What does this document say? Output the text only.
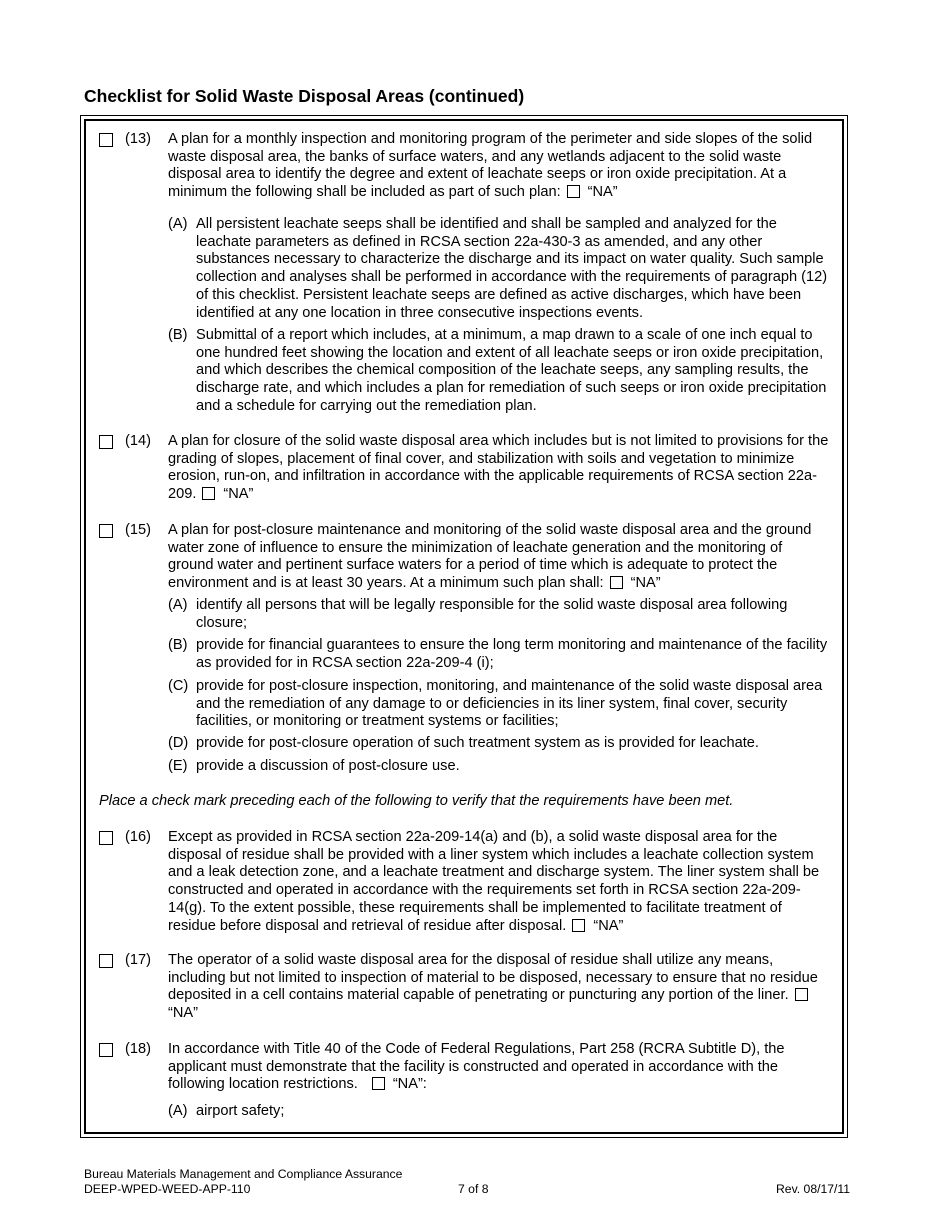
Checklist for Solid Waste Disposal Areas (continued)
(13) A plan for a monthly inspection and monitoring program of the perimeter and side slopes of the solid waste disposal area, the banks of surface waters, and any wetlands adjacent to the solid waste disposal area to identify the degree and extent of leachate seeps or iron oxide precipitation. At a minimum the following shall be included as part of such plan: “NA”
(A) All persistent leachate seeps shall be identified and shall be sampled and analyzed for the leachate parameters as defined in RCSA section 22a-430-3 as amended, and any other substances necessary to characterize the discharge and its impact on water quality. Such sample collection and analyses shall be performed in accordance with the requirements of paragraph (12) of this checklist. Persistent leachate seeps are defined as active discharges, which have been identified at any one location in three consecutive inspections events.
(B) Submittal of a report which includes, at a minimum, a map drawn to a scale of one inch equal to one hundred feet showing the location and extent of all leachate seeps or iron oxide precipitation, and which describes the chemical composition of the leachate seeps, any sampling results, the discharge rate, and which includes a plan for remediation of such seeps or iron oxide precipitation and a schedule for carrying out the remediation plan.
(14) A plan for closure of the solid waste disposal area which includes but is not limited to provisions for the grading of slopes, placement of final cover, and stabilization with soils and vegetation to minimize erosion, run-on, and infiltration in accordance with the applicable requirements of RCSA section 22a-209. “NA”
(15) A plan for post-closure maintenance and monitoring of the solid waste disposal area and the ground water zone of influence to ensure the minimization of leachate generation and the monitoring of ground water and pertinent surface waters for a period of time which is adequate to protect the environment and is at least 30 years. At a minimum such plan shall: “NA”
(A) identify all persons that will be legally responsible for the solid waste disposal area following closure;
(B) provide for financial guarantees to ensure the long term monitoring and maintenance of the facility as provided for in RCSA section 22a-209-4 (i);
(C) provide for post-closure inspection, monitoring, and maintenance of the solid waste disposal area and the remediation of any damage to or deficiencies in its liner system, final cover, security facilities, or monitoring or treatment systems or facilities;
(D) provide for post-closure operation of such treatment system as is provided for leachate.
(E) provide a discussion of post-closure use.
Place a check mark preceding each of the following to verify that the requirements have been met.
(16) Except as provided in RCSA section 22a-209-14(a) and (b), a solid waste disposal area for the disposal of residue shall be provided with a liner system which includes a leachate collection system and a leak detection zone, and a leachate treatment and discharge system. The liner system shall be constructed and operated in accordance with the requirements set forth in RCSA section 22a-209-14(g). To the extent possible, these requirements shall be implemented to facilitate treatment of residue before disposal and retrieval of residue after disposal. “NA”
(17) The operator of a solid waste disposal area for the disposal of residue shall utilize any means, including but not limited to inspection of material to be disposed, necessary to ensure that no residue deposited in a cell contains material capable of penetrating or puncturing any portion of the liner.“NA”
(18) In accordance with Title 40 of the Code of Federal Regulations, Part 258 (RCRA Subtitle D), the applicant must demonstrate that the facility is constructed and operated in accordance with the following location restrictions. “NA”:
(A) airport safety;
Bureau Materials Management and Compliance Assurance
DEEP-WPED-WEED-APP-110	7 of 8	Rev. 08/17/11
